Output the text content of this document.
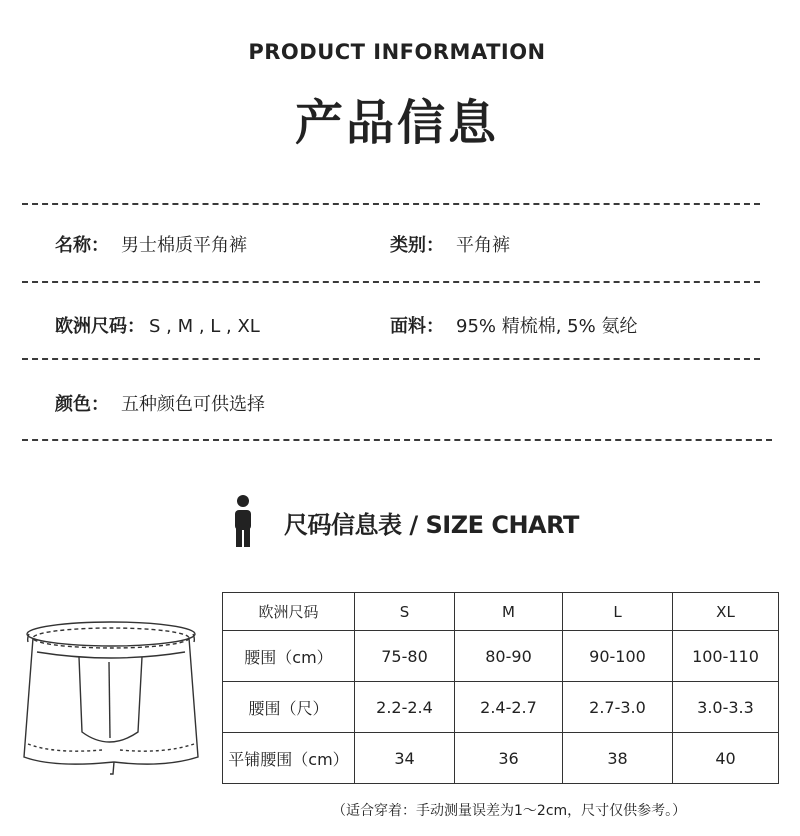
PRODUCT INFORMATION
产品信息
名称： 男士棉质平角裤	类别： 平角裤
欧洲尺码： S , M , L , XL	面料： 95% 精梳棉, 5% 氨纶
颜色： 五种颜色可供选择
尺码信息表 / SIZE CHART
欧洲尺码	S	M	L	XL
腰围（cm）	75-80	80-90	90-100	100-110
腰围（尺）	2.2-2.4	2.4-2.7	2.7-3.0	3.0-3.3
平铺腰围（cm）	34	36	38	40
（适合穿着：手动测量误差为1～2cm，尺寸仅供参考。）
